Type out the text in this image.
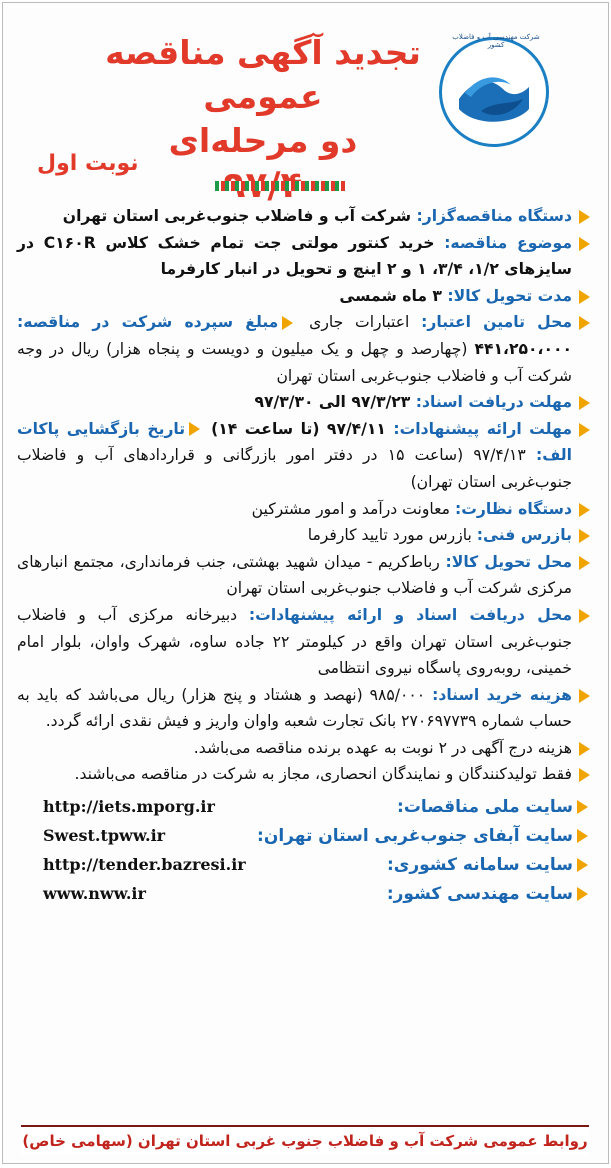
شرکت مهندسی آب و فاضلاب کشور
تجدید آگهی مناقصه عمومی
دو مرحله‌ای
نوبت اول
دستگاه مناقصه‌گزار: شرکت آب و فاضلاب جنوب‌غربی استان تهران
موضوع مناقصه: خرید کنتور مولتی جت تمام خشک کلاس C۱۶۰R در سایزهای ۱/۲، ۳/۴، ۱ و ۲ اینچ و تحویل در انبار کارفرما
مدت تحویل کالا: ۳ ماه شمسی
محل تامین اعتبار: اعتبارات جاری مبلغ سپرده شرکت در مناقصه: ۴۴۱،۲۵۰،۰۰۰ (چهارصد و چهل و یک میلیون و دویست و پنجاه هزار) ریال در وجه شرکت آب و فاضلاب جنوب‌غربی استان تهران
مهلت دریافت اسناد: ۹۷/۳/۲۳ الی ۹۷/۳/۳۰
مهلت ارائه پیشنهادات: ۹۷/۴/۱۱ (تا ساعت ۱۴) تاریخ بازگشایی پاکات الف: ۹۷/۴/۱۳ (ساعت ۱۵ در دفتر امور بازرگانی و قراردادهای آب و فاضلاب جنوب‌غربی استان تهران)
دستگاه نظارت: معاونت درآمد و امور مشترکین
بازرس فنی: بازرس مورد تایید کارفرما
محل تحویل کالا: رباط‌کریم - میدان شهید بهشتی، جنب فرمانداری، مجتمع انبارهای مرکزی شرکت آب و فاضلاب جنوب‌غربی استان تهران
محل دریافت اسناد و ارائه پیشنهادات: دبیرخانه مرکزی آب و فاضلاب جنوب‌غربی استان تهران واقع در کیلومتر ۲۲ جاده ساوه، شهرک واوان، بلوار امام خمینی، روبه‌روی پاسگاه نیروی انتظامی
هزینه خرید اسناد: ۹۸۵/۰۰۰ (نهصد و هشتاد و پنج هزار) ریال می‌باشد که باید به حساب شماره ۲۷۰۶۹۷۷۳۹ بانک تجارت شعبه واوان واریز و فیش نقدی ارائه گردد.
هزینه درج آگهی در ۲ نوبت به عهده برنده مناقصه می‌باشد.
فقط تولیدکنندگان و نمایندگان انحصاری، مجاز به شرکت در مناقصه می‌باشند.
سایت ملی مناقصات:
http://iets.mporg.ir
سایت آبفای جنوب‌غربی استان تهران:
Swest.tpww.ir
سایت سامانه کشوری:
http://tender.bazresi.ir
سایت مهندسی کشور:
www.nww.ir
روابط عمومی شرکت آب و فاضلاب جنوب غربی استان تهران (سهامی خاص)
